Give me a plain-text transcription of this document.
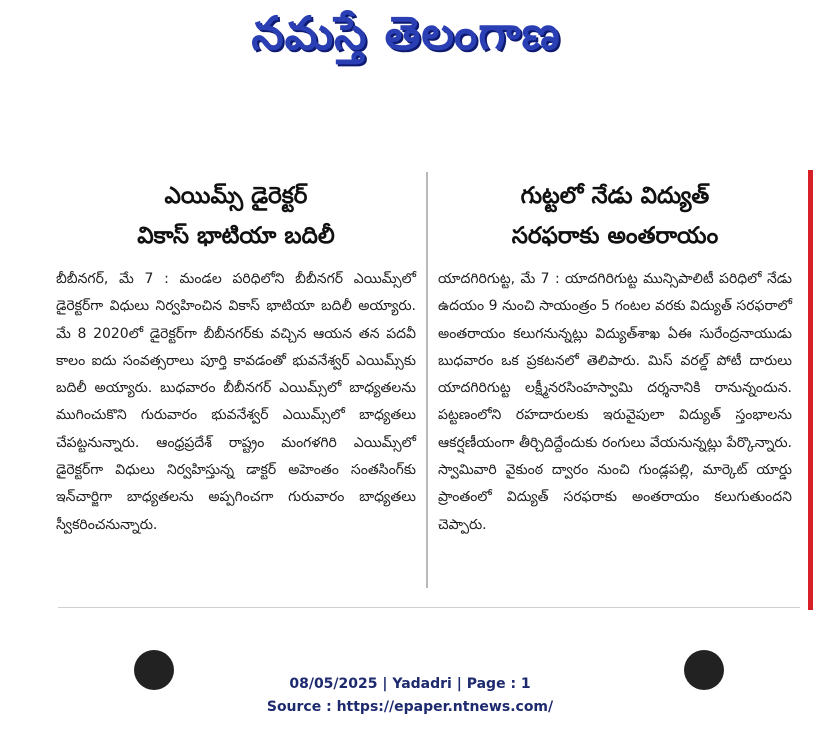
నమస్తే తెలంగాణ
ఎయిమ్స్ డైరెక్టర్
వికాస్ భాటియా బదిలీ

బీబీనగర్, మే 7 : మండల పరిధిలోని బీబీనగర్ ఎయిమ్స్‌లో డైరెక్టర్‌గా విధులు నిర్వహించిన వికాస్ భాటియా బదిలీ అయ్యారు. మే 8 2020లో డైరెక్టర్‌గా బీబీనగర్‌కు వచ్చిన ఆయన తన పదవీ కాలం ఐదు సంవత్సరాలు పూర్తి కావడంతో భువనేశ్వర్ ఎయిమ్స్‌కు బదిలీ అయ్యారు. బుధవారం బీబీనగర్ ఎయిమ్స్‌లో బాధ్యతలను ముగించుకొని గురువారం భువనేశ్వర్ ఎయిమ్స్‌లో బాధ్యతలు చేపట్టనున్నారు. ఆంధ్రప్రదేశ్ రాష్ట్రం మంగళగిరి ఎయిమ్స్‌లో డైరెక్టర్‌గా విధులు నిర్వహిస్తున్న డాక్టర్ అహెంతం సంతసింగ్‌కు ఇన్‌చార్జిగా బాధ్యతలను అప్పగించగా గురువారం బాధ్యతలు స్వీకరించనున్నారు.

గుట్టలో నేడు విద్యుత్
సరఫరాకు అంతరాయం

యాదగిరిగుట్ట, మే 7 : యాదగిరిగుట్ట మున్సిపాలిటీ పరిధిలో నేడు ఉదయం 9 నుంచి సాయంత్రం 5 గంటల వరకు విద్యుత్ సరఫరాలో అంతరాయం కలుగనున్నట్లు విద్యుత్‌శాఖ ఏఈ సురేంద్రనాయుడు బుధవారం ఒక ప్రకటనలో తెలిపారు. మిస్ వరల్డ్ పోటీ దారులు యాదగిరిగుట్ట లక్ష్మీనరసింహస్వామి దర్శనానికి రానున్నందున. పట్టణంలోని రహదారులకు ఇరువైపులా విద్యుత్ స్తంభాలను ఆకర్షణీయంగా తీర్చిదిద్దేందుకు రంగులు వేయనున్నట్లు పేర్కొన్నారు. స్వామివారి వైకుంఠ ద్వారం నుంచి గుండ్లపల్లి, మార్కెట్ యార్డు ప్రాంతంలో విద్యుత్ సరఫరాకు అంతరాయం కలుగుతుందని చెప్పారు.

08/05/2025 | Yadadri | Page : 1
Source : https://epaper.ntnews.com/
